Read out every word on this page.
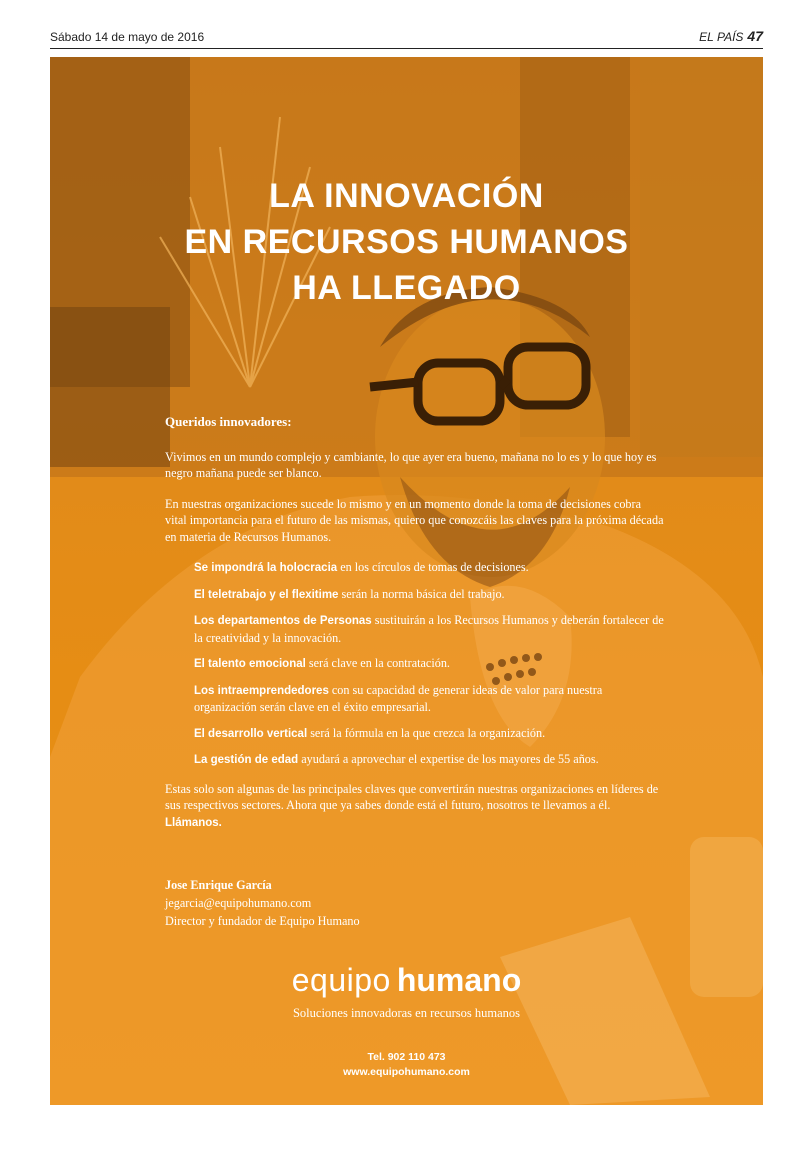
Sábado 14 de mayo de 2016	EL PAÍS 47
LA INNOVACIÓN
EN RECURSOS HUMANOS
HA LLEGADO
Queridos innovadores:

Vivimos en un mundo complejo y cambiante, lo que ayer era bueno, mañana no lo es y lo que hoy es negro mañana puede ser blanco.

En nuestras organizaciones sucede lo mismo y en un momento donde la toma de decisiones cobra vital importancia para el futuro de las mismas, quiero que conozcáis las claves para la próxima década en materia de Recursos Humanos.

Se impondrá la holocracia en los círculos de tomas de decisiones.
El teletrabajo y el flexitime serán la norma básica del trabajo.
Los departamentos de Personas sustituirán a los Recursos Humanos y deberán fortalecer de la creatividad y la innovación.
El talento emocional será clave en la contratación.
Los intraemprendedores con su capacidad de generar ideas de valor para nuestra organización serán clave en el éxito empresarial.
El desarrollo vertical será la fórmula en la que crezca la organización.
La gestión de edad ayudará a aprovechar el expertise de los mayores de 55 años.

Estas solo son algunas de las principales claves que convertirán nuestras organizaciones en líderes de sus respectivos sectores. Ahora que ya sabes donde está el futuro, nosotros te llevamos a él.
Llámanos.

Jose Enrique García
jegarcia@equipohumano.com
Director y fundador de Equipo Humano
equipo humano
Soluciones innovadoras en recursos humanos
Tel. 902 110 473
www.equipohumano.com
